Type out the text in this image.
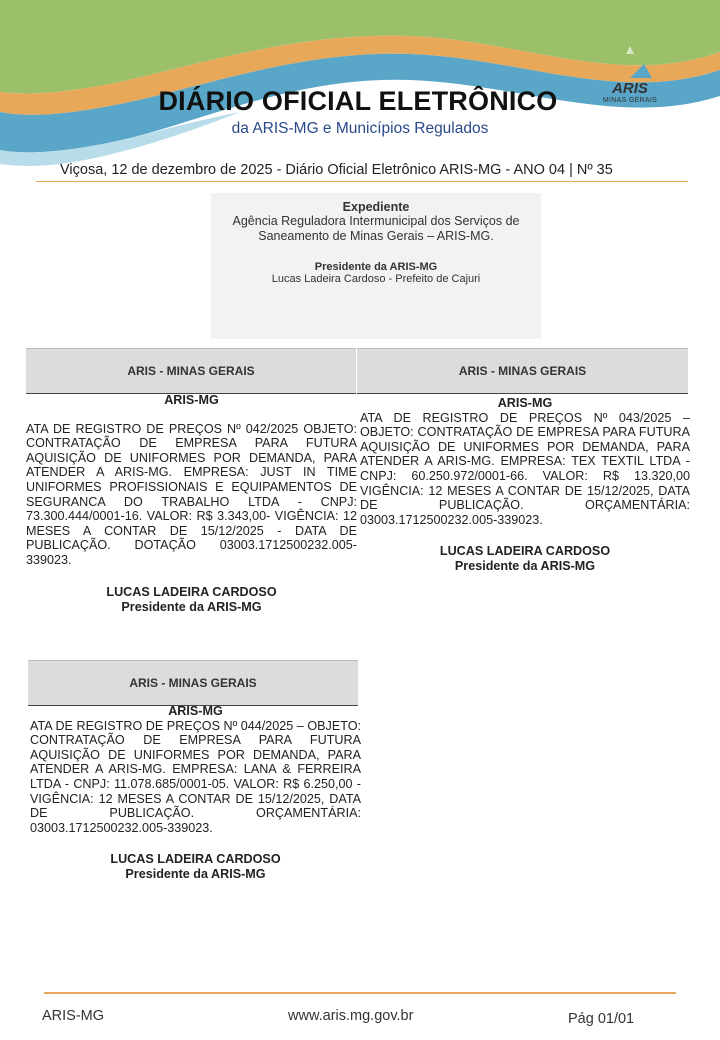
ARIS
MINAS GERAIS
DIÁRIO OFICIAL ELETRÔNICO
da ARIS-MG e Municípios Regulados
Viçosa, 12 de dezembro de 2025 - Diário Oficial Eletrônico ARIS-MG - ANO 04 | Nº 35
Expediente
Agência Reguladora Intermunicipal dos Serviços de Saneamento de Minas Gerais – ARIS-MG.
Presidente da ARIS-MG
Lucas Ladeira Cardoso - Prefeito de Cajuri
ARIS - MINAS GERAIS
ARIS-MG
ATA DE REGISTRO DE PREÇOS Nº 042/2025 OBJETO: CONTRATAÇÃO DE EMPRESA PARA FUTURA AQUISIÇÃO DE UNIFORMES POR DEMANDA, PARA ATENDER A ARIS-MG. EMPRESA: JUST IN TIME UNIFORMES PROFISSIONAIS E EQUIPAMENTOS DE SEGURANCA DO TRABALHO LTDA - CNPJ: 73.300.444/0001-16. VALOR: R$ 3.343,00- VIGÊNCIA: 12 MESES A CONTAR DE 15/12/2025 - DATA DE PUBLICAÇÃO. DOTAÇÃO 03003.1712500232.005-339023.
LUCAS LADEIRA CARDOSO
Presidente da ARIS-MG
ARIS - MINAS GERAIS
ARIS-MG
ATA DE REGISTRO DE PREÇOS Nº 043/2025 – OBJETO: CONTRATAÇÃO DE EMPRESA PARA FUTURA AQUISIÇÃO DE UNIFORMES POR DEMANDA, PARA ATENDER A ARIS-MG. EMPRESA: TEX TEXTIL LTDA - CNPJ: 60.250.972/0001-66. VALOR: R$ 13.320,00 VIGÊNCIA: 12 MESES A CONTAR DE 15/12/2025, DATA DE PUBLICAÇÃO. ORÇAMENTÁRIA: 03003.1712500232.005-339023.
LUCAS LADEIRA CARDOSO
Presidente da ARIS-MG
ARIS - MINAS GERAIS
ARIS-MG
ATA DE REGISTRO DE PREÇOS Nº 044/2025 – OBJETO: CONTRATAÇÃO DE EMPRESA PARA FUTURA AQUISIÇÃO DE UNIFORMES POR DEMANDA, PARA ATENDER A ARIS-MG. EMPRESA: LANA & FERREIRA LTDA - CNPJ: 11.078.685/0001-05. VALOR: R$ 6.250,00 - VIGÊNCIA: 12 MESES A CONTAR DE 15/12/2025, DATA DE PUBLICAÇÃO. ORÇAMENTÁRIA: 03003.1712500232.005-339023.
LUCAS LADEIRA CARDOSO
Presidente da ARIS-MG
ARIS-MG	www.aris.mg.gov.br	Pág 01/01
